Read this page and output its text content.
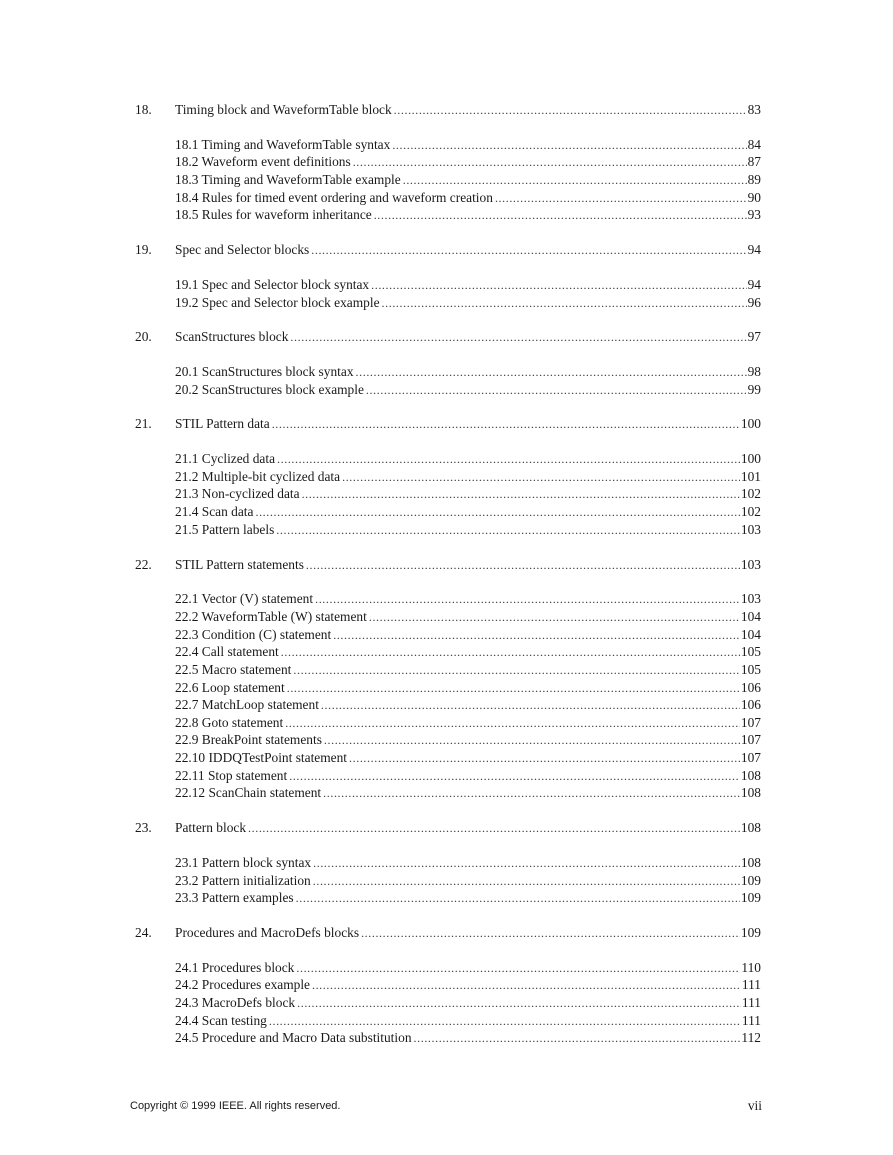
18. Timing block and WaveformTable block .....	83
18.1 Timing and WaveformTable syntax .....	84
18.2 Waveform event definitions .....	87
18.3 Timing and WaveformTable example .....	89
18.4 Rules for timed event ordering and waveform creation .....	90
18.5 Rules for waveform inheritance .....	93
19. Spec and Selector blocks .....	94
19.1 Spec and Selector block syntax .....	94
19.2 Spec and Selector block example .....	96
20. ScanStructures block .....	97
20.1 ScanStructures block syntax .....	98
20.2 ScanStructures block example .....	99
21. STIL Pattern data .....	100
21.1 Cyclized data .....	100
21.2 Multiple-bit cyclized data .....	101
21.3 Non-cyclized data .....	102
21.4 Scan data .....	102
21.5 Pattern labels .....	103
22. STIL Pattern statements .....	103
22.1 Vector (V) statement .....	103
22.2 WaveformTable (W) statement .....	104
22.3 Condition (C) statement .....	104
22.4 Call statement .....	105
22.5 Macro statement .....	105
22.6 Loop statement .....	106
22.7 MatchLoop statement .....	106
22.8 Goto statement .....	107
22.9 BreakPoint statements .....	107
22.10 IDDQTestPoint statement .....	107
22.11 Stop statement .....	108
22.12 ScanChain statement .....	108
23. Pattern block .....	108
23.1 Pattern block syntax .....	108
23.2 Pattern initialization .....	109
23.3 Pattern examples .....	109
24. Procedures and MacroDefs blocks .....	109
24.1 Procedures block .....	110
24.2 Procedures example .....	111
24.3 MacroDefs block .....	111
24.4 Scan testing .....	111
24.5 Procedure and Macro Data substitution .....	112
Copyright © 1999 IEEE. All rights reserved.	vii
